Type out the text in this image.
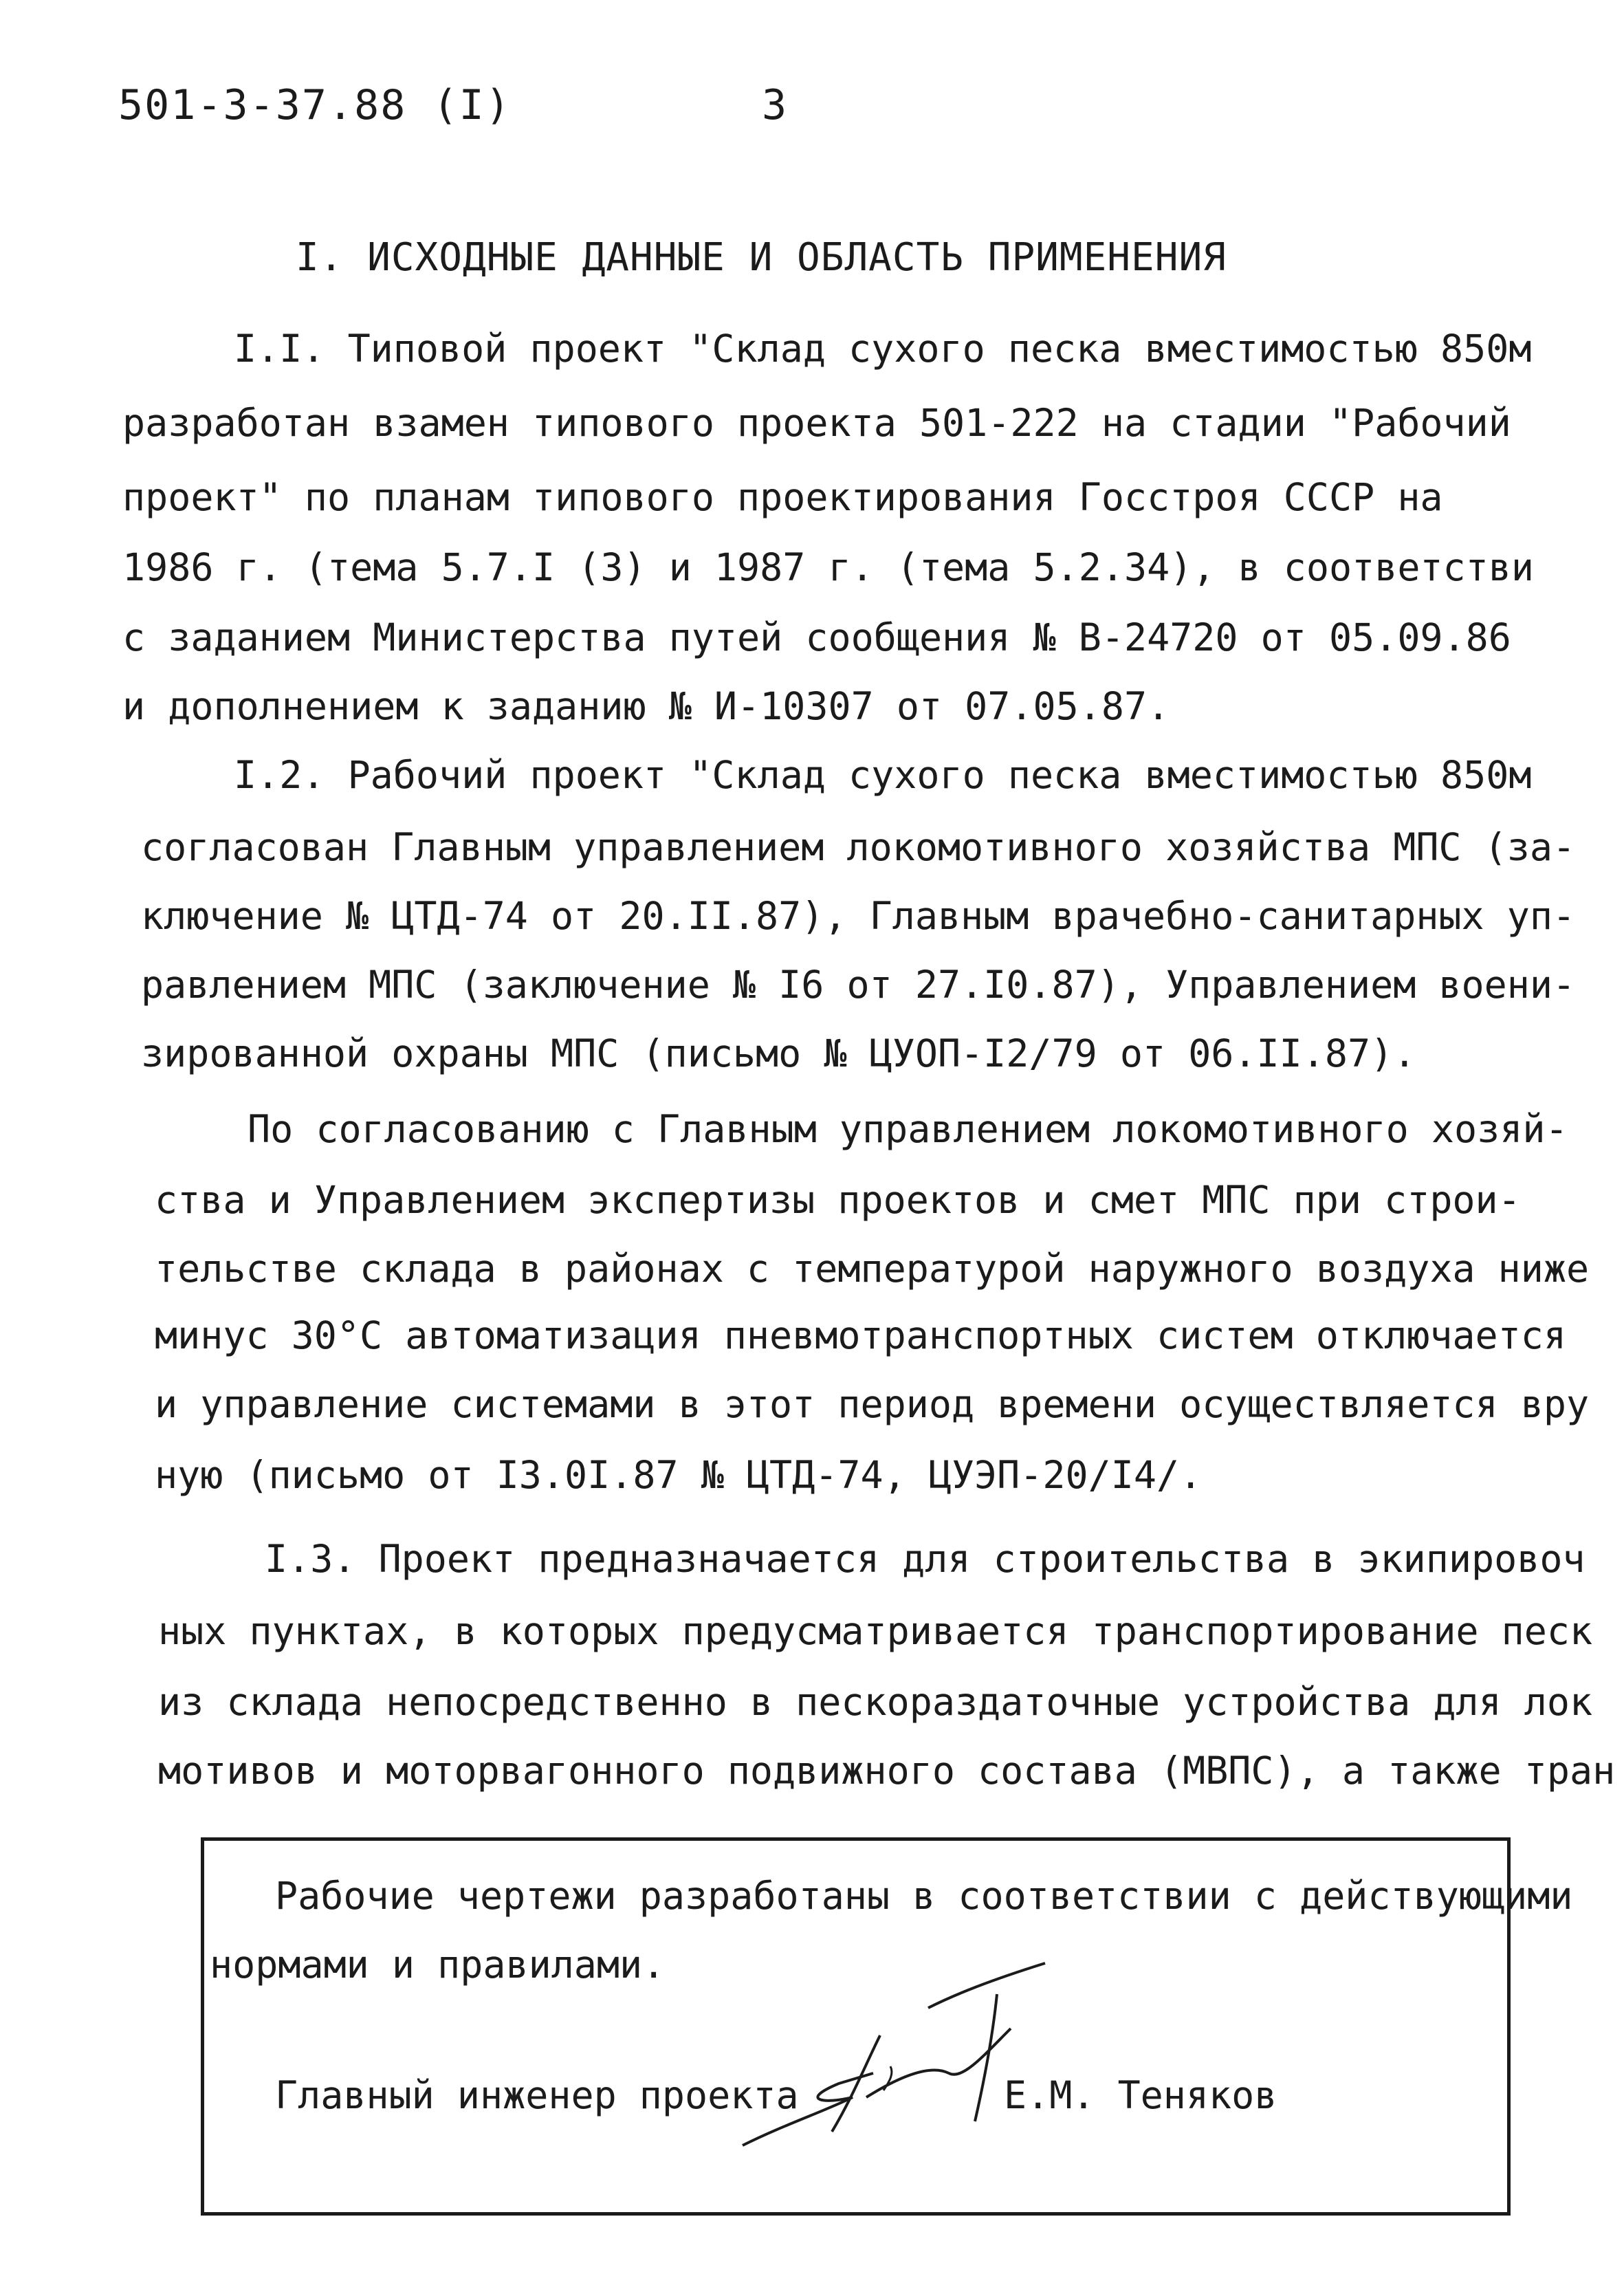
501-3-37.88 (I)	3
I. ИСХОДНЫЕ ДАННЫЕ И ОБЛАСТЬ ПРИМЕНЕНИЯ
I.I. Типовой проект "Склад сухого песка вместимостью 850м
разработан взамен типового проекта 501-222 на стадии "Рабочий
проект" по планам типового проектирования Госстроя СССР на
1986 г. (тема 5.7.I (3) и 1987 г. (тема 5.2.34), в соответстви
с заданием Министерства путей сообщения № В-24720 от 05.09.86
и дополнением к заданию № И-10307 от 07.05.87.
I.2. Рабочий проект "Склад сухого песка вместимостью 850м
согласован Главным управлением локомотивного хозяйства МПС (за-
ключение № ЦТД-74 от 20.II.87), Главным врачебно-санитарных уп-
равлением МПС (заключение № I6 от 27.I0.87), Управлением воени-
зированной охраны МПС (письмо № ЦУОП-I2/79 от 06.II.87).
По согласованию с Главным управлением локомотивного хозяй-
ства и Управлением экспертизы проектов и смет МПС при строи-
тельстве склада в районах с температурой наружного воздуха ниже
минус 30°С автоматизация пневмотранспортных систем отключается
и управление системами в этот период времени осуществляется вру
ную (письмо от I3.0I.87 № ЦТД-74, ЦУЭП-20/I4/.
I.3. Проект предназначается для строительства в экипировоч
ных пунктах, в которых предусматривается транспортирование песк
из склада непосредственно в пескораздаточные устройства для лок
мотивов и моторвагонного подвижного состава (МВПС), а также тран
Рабочие чертежи разработаны в соответствии с действующими
нормами и правилами.
Главный инженер проекта	Е.М. Теняков
